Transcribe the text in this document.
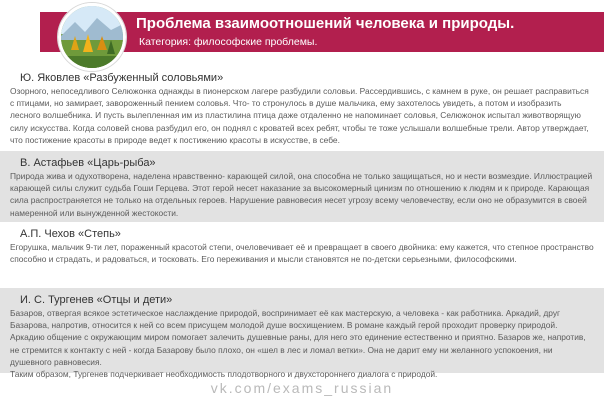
Проблема взаимоотношений человека и природы.
Категория: философские проблемы.
Ю. Яковлев «Разбуженный соловьями»
Озорного, непоседливого Селюжонка однажды в пионерском лагере разбудили соловьи. Рассердившись, с камнем в руке, он решает расправиться с птицами, но замирает, завороженный пением соловья. Что- то стронулось в душе мальчика, ему захотелось увидеть, а потом и изобразить лесного волшебника. И пусть вылепленная им из пластилина птица даже отдаленно не напоминает соловья, Селюжонок испытал животворящую силу искусства. Когда соловей снова разбудил его, он поднял с кроватей всех ребят, чтобы те тоже услышали волшебные трели. Автор утверждает, что постижение красоты в природе ведет к постижению красоты в искусстве, в себе.
В. Астафьев «Царь-рыба»
Природа жива и одухотворена, наделена нравственно- карающей силой, она способна не только защищаться, но и нести возмездие. Иллюстрацией карающей силы служит судьба Гоши Герцева. Этот герой несет наказание за высокомерный цинизм по отношению к людям и к природе. Карающая сила распространяется не только на отдельных героев. Нарушение равновесия несет угрозу всему человечеству, если оно не образумится в своей намеренной или вынужденной жестокости.
А.П. Чехов «Степь»
Егорушка, мальчик 9-ти лет, пораженный красотой степи, очеловечивает её и превращает в своего двойника: ему кажется, что степное пространство способно и страдать, и радоваться, и тосковать. Его переживания и мысли становятся не по-детски серьезными, философскими.
И. С. Тургенев «Отцы и дети»
Базаров, отвергая всякое эстетическое наслаждение природой, воспринимает её как мастерскую, а человека - как работника. Аркадий, друг Базарова, напротив, относится к ней со всем присущем молодой душе восхищением. В романе каждый герой проходит проверку природой. Аркадию общение с окружающим миром помогает залечить душевные раны, для него это единение естественно и приятно. Базаров же, напротив, не стремится к контакту с ней - когда Базарову было плохо, он «шел в лес и ломал ветки». Она не дарит ему ни желанного успокоения, ни душевного равновесия.
Таким образом, Тургенев подчеркивает необходимость плодотворного и двухстороннего диалога с природой.
vk.com/exams_russian
